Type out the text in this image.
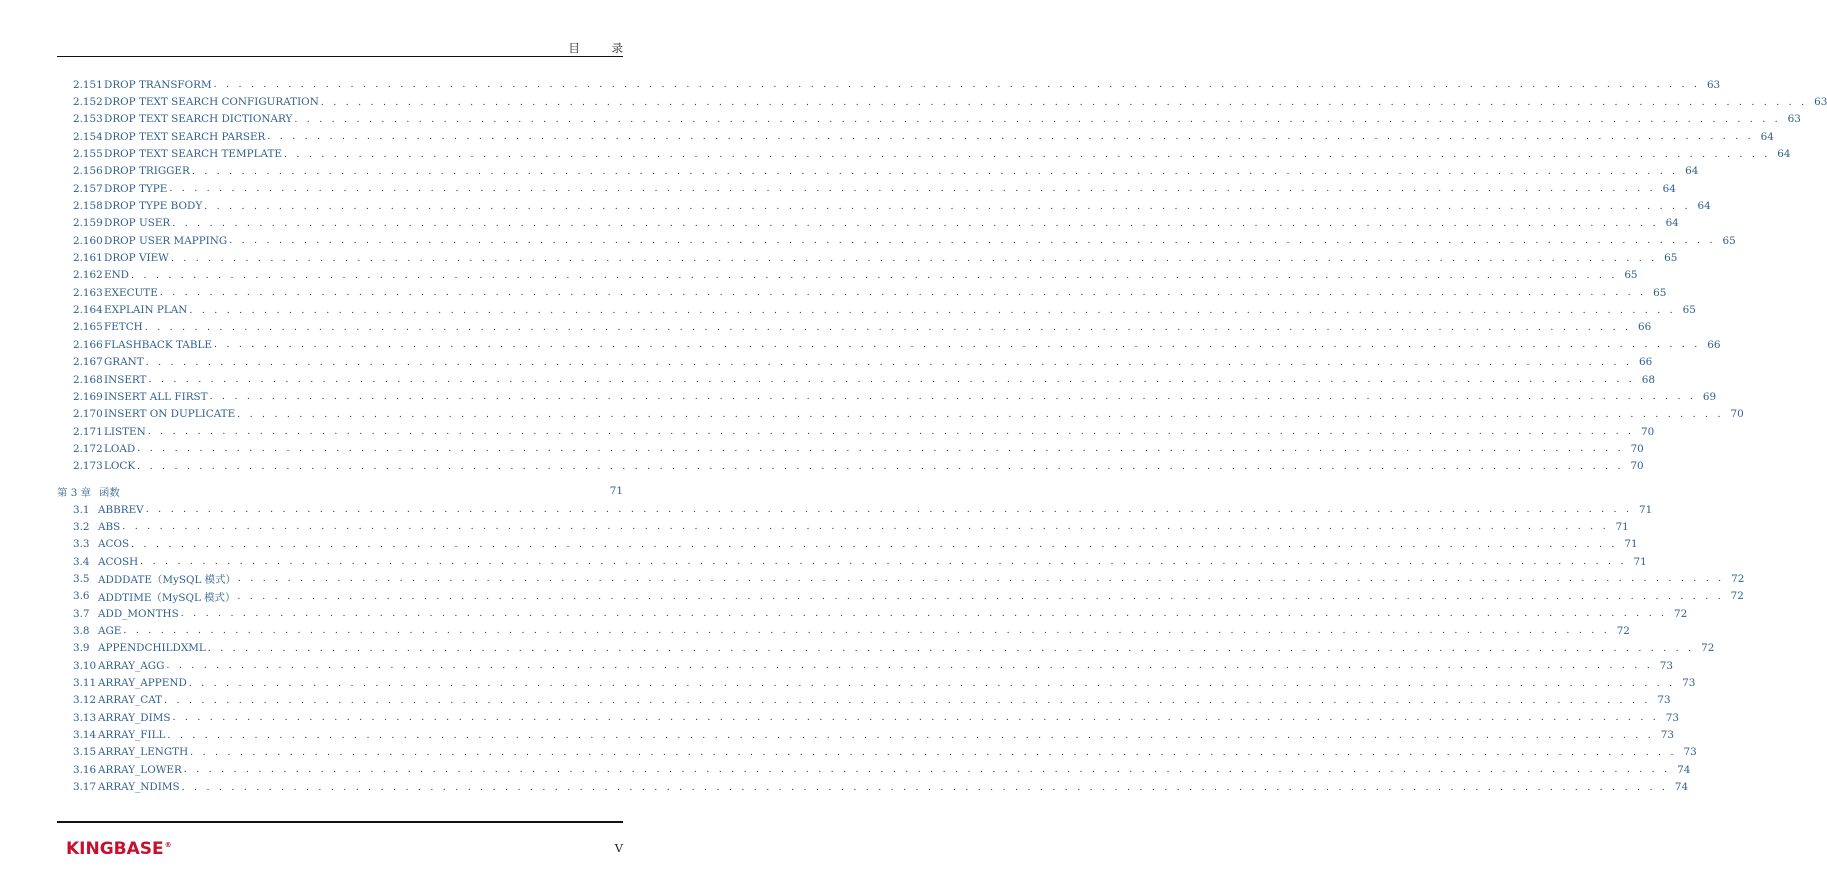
目 录
2.151 DROP TRANSFORM . . . . . . . . . . . . . . . . . . . . . . . . . . . . . . . . . . . . . . . . . . . . . . . . . . . . . . . . . . . . . . . . . . . . . . . . . . . . . . . . . . . . . . . . . . . . . . . . . . . . . . . . . . . . . . . . . . . . . . . . 63
2.152 DROP TEXT SEARCH CONFIGURATION . . . . . . . . . . . . . . . . . . . . . . . . . . . . . . . . . . . . . . . . . . . . . . . . . . . . . . . . . . . . . . . . . . . . . . . . . . . . . . . . . . . . . . . . . . . . . . . . . . . . . . . . . . . . . . . . . . . . . . . . 63
2.153 DROP TEXT SEARCH DICTIONARY . . . . . . . . . . . . . . . . . . . . . . . . . . . . . . . . . . . . . . . . . . . . . . . . . . . . . . . . . . . . . . . . . . . . . . . . . . . . . . . . . . . . . . . . . . . . . . . . . . . . . . . . . . . . . . . . . . . . . . . . 63
2.154 DROP TEXT SEARCH PARSER . . . . . . . . . . . . . . . . . . . . . . . . . . . . . . . . . . . . . . . . . . . . . . . . . . . . . . . . . . . . . . . . . . . . . . . . . . . . . . . . . . . . . . . . . . . . . . . . . . . . . . . . . . . . . . . . . . . . . . . . 64
2.155 DROP TEXT SEARCH TEMPLATE . . . . . . . . . . . . . . . . . . . . . . . . . . . . . . . . . . . . . . . . . . . . . . . . . . . . . . . . . . . . . . . . . . . . . . . . . . . . . . . . . . . . . . . . . . . . . . . . . . . . . . . . . . . . . . . . . . . . . . . . 64
2.156 DROP TRIGGER . . . . . . . . . . . . . . . . . . . . . . . . . . . . . . . . . . . . . . . . . . . . . . . . . . . . . . . . . . . . . . . . . . . . . . . . . . . . . . . . . . . . . . . . . . . . . . . . . . . . . . . . . . . . . . . . . . . . . . . . 64
2.157 DROP TYPE . . . . . . . . . . . . . . . . . . . . . . . . . . . . . . . . . . . . . . . . . . . . . . . . . . . . . . . . . . . . . . . . . . . . . . . . . . . . . . . . . . . . . . . . . . . . . . . . . . . . . . . . . . . . . . . . . . . . . . . . 64
2.158 DROP TYPE BODY . . . . . . . . . . . . . . . . . . . . . . . . . . . . . . . . . . . . . . . . . . . . . . . . . . . . . . . . . . . . . . . . . . . . . . . . . . . . . . . . . . . . . . . . . . . . . . . . . . . . . . . . . . . . . . . . . . . . . . . . 64
2.159 DROP USER . . . . . . . . . . . . . . . . . . . . . . . . . . . . . . . . . . . . . . . . . . . . . . . . . . . . . . . . . . . . . . . . . . . . . . . . . . . . . . . . . . . . . . . . . . . . . . . . . . . . . . . . . . . . . . . . . . . . . . . . 64
2.160 DROP USER MAPPING . . . . . . . . . . . . . . . . . . . . . . . . . . . . . . . . . . . . . . . . . . . . . . . . . . . . . . . . . . . . . . . . . . . . . . . . . . . . . . . . . . . . . . . . . . . . . . . . . . . . . . . . . . . . . . . . . . . . . . . . 65
2.161 DROP VIEW . . . . . . . . . . . . . . . . . . . . . . . . . . . . . . . . . . . . . . . . . . . . . . . . . . . . . . . . . . . . . . . . . . . . . . . . . . . . . . . . . . . . . . . . . . . . . . . . . . . . . . . . . . . . . . . . . . . . . . . . 65
2.162 END . . . . . . . . . . . . . . . . . . . . . . . . . . . . . . . . . . . . . . . . . . . . . . . . . . . . . . . . . . . . . . . . . . . . . . . . . . . . . . . . . . . . . . . . . . . . . . . . . . . . . . . . . . . . . . . . . . . . . . . . 65
2.163 EXECUTE . . . . . . . . . . . . . . . . . . . . . . . . . . . . . . . . . . . . . . . . . . . . . . . . . . . . . . . . . . . . . . . . . . . . . . . . . . . . . . . . . . . . . . . . . . . . . . . . . . . . . . . . . . . . . . . . . . . . . . . . 65
2.164 EXPLAIN PLAN . . . . . . . . . . . . . . . . . . . . . . . . . . . . . . . . . . . . . . . . . . . . . . . . . . . . . . . . . . . . . . . . . . . . . . . . . . . . . . . . . . . . . . . . . . . . . . . . . . . . . . . . . . . . . . . . . . . . . . . . 65
2.165 FETCH . . . . . . . . . . . . . . . . . . . . . . . . . . . . . . . . . . . . . . . . . . . . . . . . . . . . . . . . . . . . . . . . . . . . . . . . . . . . . . . . . . . . . . . . . . . . . . . . . . . . . . . . . . . . . . . . . . . . . . . . 66
2.166 FLASHBACK TABLE . . . . . . . . . . . . . . . . . . . . . . . . . . . . . . . . . . . . . . . . . . . . . . . . . . . . . . . . . . . . . . . . . . . . . . . . . . . . . . . . . . . . . . . . . . . . . . . . . . . . . . . . . . . . . . . . . . . . . . . . 66
2.167 GRANT . . . . . . . . . . . . . . . . . . . . . . . . . . . . . . . . . . . . . . . . . . . . . . . . . . . . . . . . . . . . . . . . . . . . . . . . . . . . . . . . . . . . . . . . . . . . . . . . . . . . . . . . . . . . . . . . . . . . . . . . 66
2.168 INSERT . . . . . . . . . . . . . . . . . . . . . . . . . . . . . . . . . . . . . . . . . . . . . . . . . . . . . . . . . . . . . . . . . . . . . . . . . . . . . . . . . . . . . . . . . . . . . . . . . . . . . . . . . . . . . . . . . . . . . . . . 68
2.169 INSERT ALL FIRST . . . . . . . . . . . . . . . . . . . . . . . . . . . . . . . . . . . . . . . . . . . . . . . . . . . . . . . . . . . . . . . . . . . . . . . . . . . . . . . . . . . . . . . . . . . . . . . . . . . . . . . . . . . . . . . . . . . . . . . . 69
2.170 INSERT ON DUPLICATE . . . . . . . . . . . . . . . . . . . . . . . . . . . . . . . . . . . . . . . . . . . . . . . . . . . . . . . . . . . . . . . . . . . . . . . . . . . . . . . . . . . . . . . . . . . . . . . . . . . . . . . . . . . . . . . . . . . . . . . . 70
2.171 LISTEN . . . . . . . . . . . . . . . . . . . . . . . . . . . . . . . . . . . . . . . . . . . . . . . . . . . . . . . . . . . . . . . . . . . . . . . . . . . . . . . . . . . . . . . . . . . . . . . . . . . . . . . . . . . . . . . . . . . . . . . . 70
2.172 LOAD . . . . . . . . . . . . . . . . . . . . . . . . . . . . . . . . . . . . . . . . . . . . . . . . . . . . . . . . . . . . . . . . . . . . . . . . . . . . . . . . . . . . . . . . . . . . . . . . . . . . . . . . . . . . . . . . . . . . . . . . 70
2.173 LOCK . . . . . . . . . . . . . . . . . . . . . . . . . . . . . . . . . . . . . . . . . . . . . . . . . . . . . . . . . . . . . . . . . . . . . . . . . . . . . . . . . . . . . . . . . . . . . . . . . . . . . . . . . . . . . . . . . . . . . . . . 70
第 3 章 函数	71
3.1 ABBREV . . . . . . . . . . . . . . . . . . . . . . . . . . . . . . . . . . . . . . . . . . . . . . . . . . . . . . . . . . . . . . . . . . . . . . . . . . . . . . . . . . . . . . . . . . . . . . . . . . . . . . . . . . . . . . . . . . . . . . . . 71
3.2 ABS . . . . . . . . . . . . . . . . . . . . . . . . . . . . . . . . . . . . . . . . . . . . . . . . . . . . . . . . . . . . . . . . . . . . . . . . . . . . . . . . . . . . . . . . . . . . . . . . . . . . . . . . . . . . . . . . . . . . . . . . 71
3.3 ACOS . . . . . . . . . . . . . . . . . . . . . . . . . . . . . . . . . . . . . . . . . . . . . . . . . . . . . . . . . . . . . . . . . . . . . . . . . . . . . . . . . . . . . . . . . . . . . . . . . . . . . . . . . . . . . . . . . . . . . . . . 71
3.4 ACOSH . . . . . . . . . . . . . . . . . . . . . . . . . . . . . . . . . . . . . . . . . . . . . . . . . . . . . . . . . . . . . . . . . . . . . . . . . . . . . . . . . . . . . . . . . . . . . . . . . . . . . . . . . . . . . . . . . . . . . . . . 71
3.5 ADDDATE（MySQL 模式） . . . . . . . . . . . . . . . . . . . . . . . . . . . . . . . . . . . . . . . . . . . . . . . . . . . . . . . . . . . . . . . . . . . . . . . . . . . . . . . . . . . . . . . . . . . . . . . . . . . . . . . . . . . . . . . . . . . . . . . . 72
3.6 ADDTIME（MySQL 模式） . . . . . . . . . . . . . . . . . . . . . . . . . . . . . . . . . . . . . . . . . . . . . . . . . . . . . . . . . . . . . . . . . . . . . . . . . . . . . . . . . . . . . . . . . . . . . . . . . . . . . . . . . . . . . . . . . . . . . . . . 72
3.7 ADD_MONTHS . . . . . . . . . . . . . . . . . . . . . . . . . . . . . . . . . . . . . . . . . . . . . . . . . . . . . . . . . . . . . . . . . . . . . . . . . . . . . . . . . . . . . . . . . . . . . . . . . . . . . . . . . . . . . . . . . . . . . . . . 72
3.8 AGE . . . . . . . . . . . . . . . . . . . . . . . . . . . . . . . . . . . . . . . . . . . . . . . . . . . . . . . . . . . . . . . . . . . . . . . . . . . . . . . . . . . . . . . . . . . . . . . . . . . . . . . . . . . . . . . . . . . . . . . . 72
3.9 APPENDCHILDXML . . . . . . . . . . . . . . . . . . . . . . . . . . . . . . . . . . . . . . . . . . . . . . . . . . . . . . . . . . . . . . . . . . . . . . . . . . . . . . . . . . . . . . . . . . . . . . . . . . . . . . . . . . . . . . . . . . . . . . . . 72
3.10 ARRAY_AGG . . . . . . . . . . . . . . . . . . . . . . . . . . . . . . . . . . . . . . . . . . . . . . . . . . . . . . . . . . . . . . . . . . . . . . . . . . . . . . . . . . . . . . . . . . . . . . . . . . . . . . . . . . . . . . . . . . . . . . . . 73
3.11 ARRAY_APPEND . . . . . . . . . . . . . . . . . . . . . . . . . . . . . . . . . . . . . . . . . . . . . . . . . . . . . . . . . . . . . . . . . . . . . . . . . . . . . . . . . . . . . . . . . . . . . . . . . . . . . . . . . . . . . . . . . . . . . . . . 73
3.12 ARRAY_CAT . . . . . . . . . . . . . . . . . . . . . . . . . . . . . . . . . . . . . . . . . . . . . . . . . . . . . . . . . . . . . . . . . . . . . . . . . . . . . . . . . . . . . . . . . . . . . . . . . . . . . . . . . . . . . . . . . . . . . . . . 73
3.13 ARRAY_DIMS . . . . . . . . . . . . . . . . . . . . . . . . . . . . . . . . . . . . . . . . . . . . . . . . . . . . . . . . . . . . . . . . . . . . . . . . . . . . . . . . . . . . . . . . . . . . . . . . . . . . . . . . . . . . . . . . . . . . . . . . 73
3.14 ARRAY_FILL . . . . . . . . . . . . . . . . . . . . . . . . . . . . . . . . . . . . . . . . . . . . . . . . . . . . . . . . . . . . . . . . . . . . . . . . . . . . . . . . . . . . . . . . . . . . . . . . . . . . . . . . . . . . . . . . . . . . . . . . 73
3.15 ARRAY_LENGTH . . . . . . . . . . . . . . . . . . . . . . . . . . . . . . . . . . . . . . . . . . . . . . . . . . . . . . . . . . . . . . . . . . . . . . . . . . . . . . . . . . . . . . . . . . . . . . . . . . . . . . . . . . . . . . . . . . . . . . . . 73
3.16 ARRAY_LOWER . . . . . . . . . . . . . . . . . . . . . . . . . . . . . . . . . . . . . . . . . . . . . . . . . . . . . . . . . . . . . . . . . . . . . . . . . . . . . . . . . . . . . . . . . . . . . . . . . . . . . . . . . . . . . . . . . . . . . . . . 74
3.17 ARRAY_NDIMS . . . . . . . . . . . . . . . . . . . . . . . . . . . . . . . . . . . . . . . . . . . . . . . . . . . . . . . . . . . . . . . . . . . . . . . . . . . . . . . . . . . . . . . . . . . . . . . . . . . . . . . . . . . . . . . . . . . . . . . . 74
KINGBASE ®	V
